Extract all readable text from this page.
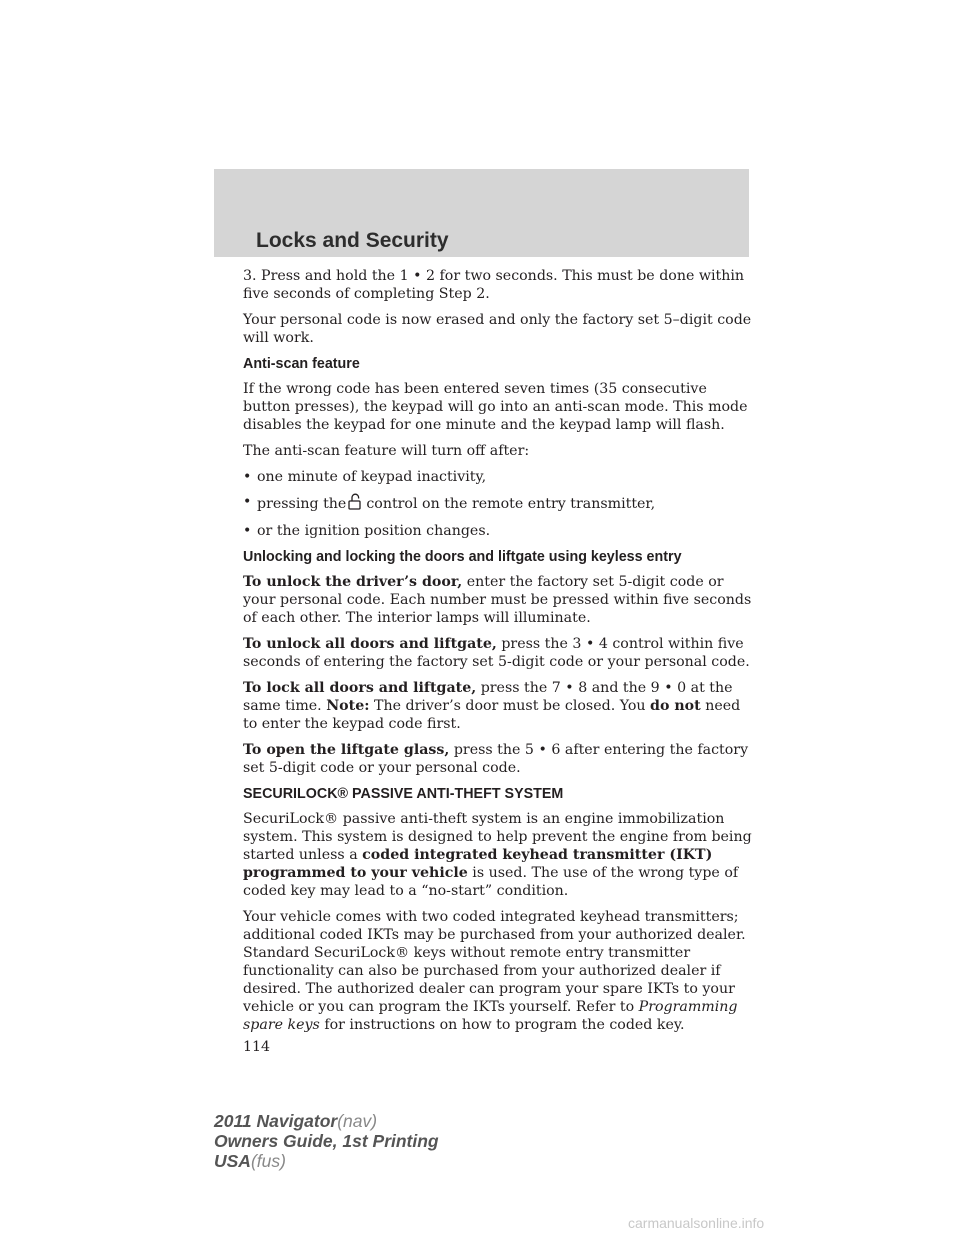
Locks and Security

3. Press and hold the 1 • 2 for two seconds. This must be done within five seconds of completing Step 2.

Your personal code is now erased and only the factory set 5–digit code will work.

Anti-scan feature

If the wrong code has been entered seven times (35 consecutive button presses), the keypad will go into an anti-scan mode. This mode disables the keypad for one minute and the keypad lamp will flash.

The anti-scan feature will turn off after:

• one minute of keypad inactivity,
• pressing the control on the remote entry transmitter,
• or the ignition position changes.
Unlocking and locking the doors and liftgate using keyless entry

To unlock the driver’s door, enter the factory set 5-digit code or your personal code. Each number must be pressed within five seconds of each other. The interior lamps will illuminate.

To unlock all doors and liftgate, press the 3 • 4 control within five seconds of entering the factory set 5-digit code or your personal code.

To lock all doors and liftgate, press the 7 • 8 and the 9 • 0 at the same time. Note: The driver’s door must be closed. You do not need to enter the keypad code first.

To open the liftgate glass, press the 5 • 6 after entering the factory set 5-digit code or your personal code.

SECURILOCK® PASSIVE ANTI-THEFT SYSTEM

SecuriLock® passive anti-theft system is an engine immobilization system. This system is designed to help prevent the engine from being started unless a coded integrated keyhead transmitter (IKT) programmed to your vehicle is used. The use of the wrong type of coded key may lead to a “no-start” condition.

Your vehicle comes with two coded integrated keyhead transmitters; additional coded IKTs may be purchased from your authorized dealer. Standard SecuriLock® keys without remote entry transmitter functionality can also be purchased from your authorized dealer if desired. The authorized dealer can program your spare IKTs to your vehicle or you can program the IKTs yourself. Refer to Programming spare keys for instructions on how to program the coded key.

114
2011 Navigator(nav)
Owners Guide, 1st Printing
USA(fus)
carmanualsonline.info
